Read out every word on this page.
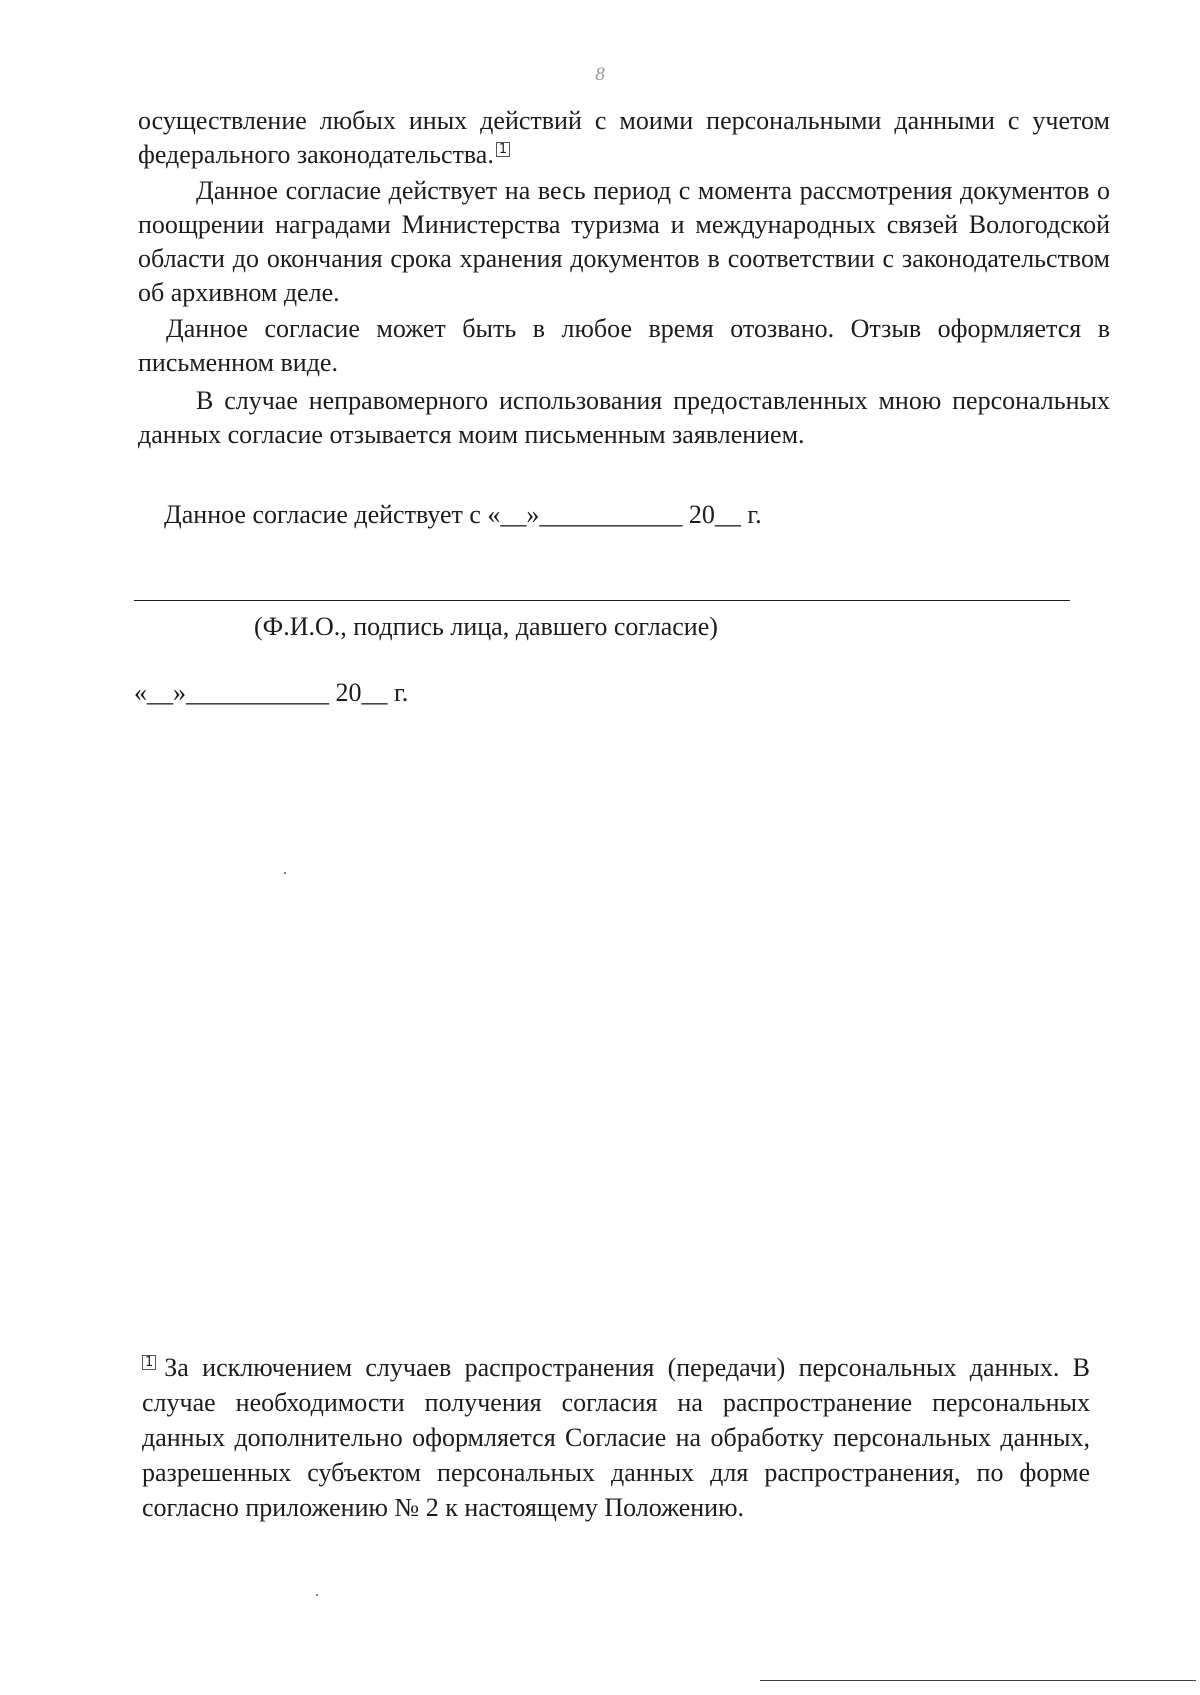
8

осуществление любых иных действий с моими персональными данными с учетом федерального законодательства. 1

Данное согласие действует на весь период с момента рассмотрения документов о поощрении наградами Министерства туризма и международных связей Вологодской области до окончания срока хранения документов в соответствии с законодательством об архивном деле.

Данное согласие может быть в любое время отозвано. Отзыв оформляется в письменном виде.

В случае неправомерного использования предоставленных мною персональных данных согласие отзывается моим письменным заявлением.

Данное согласие действует с «__»___________ 20__ г.
(Ф.И.О., подпись лица, давшего согласие)
«__»___________ 20__ г.
1 За исключением случаев распространения (передачи) персональных данных. В случае необходимости получения согласия на распространение персональных данных дополнительно оформляется Согласие на обработку персональных данных, разрешенных субъектом персональных данных для распространения, по форме согласно приложению № 2 к настоящему Положению.
